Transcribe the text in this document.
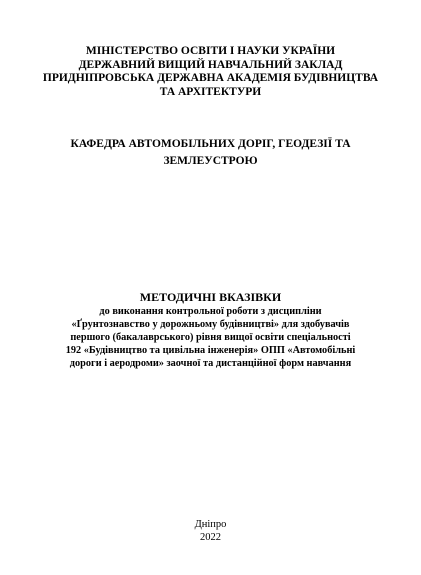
МІНІСТЕРСТВО ОСВІТИ І НАУКИ УКРАЇНИ
ДЕРЖАВНИЙ ВИЩИЙ НАВЧАЛЬНИЙ ЗАКЛАД
ПРИДНІПРОВСЬКА ДЕРЖАВНА АКАДЕМІЯ БУДІВНИЦТВА
ТА АРХІТЕКТУРИ
КАФЕДРА АВТОМОБІЛЬНИХ ДОРІГ, ГЕОДЕЗІЇ ТА
ЗЕМЛЕУСТРОЮ
МЕТОДИЧНІ ВКАЗІВКИ
до виконання контрольної роботи з дисципліни
«Ґрунтознавство у дорожньому будівництві» для здобувачів
першого (бакалаврського) рівня вищої освіти спеціальності
192 «Будівництво та цивільна інженерія» ОПП «Автомобільні
дороги і аеродроми» заочної та дистанційної форм навчання
Дніпро
2022
